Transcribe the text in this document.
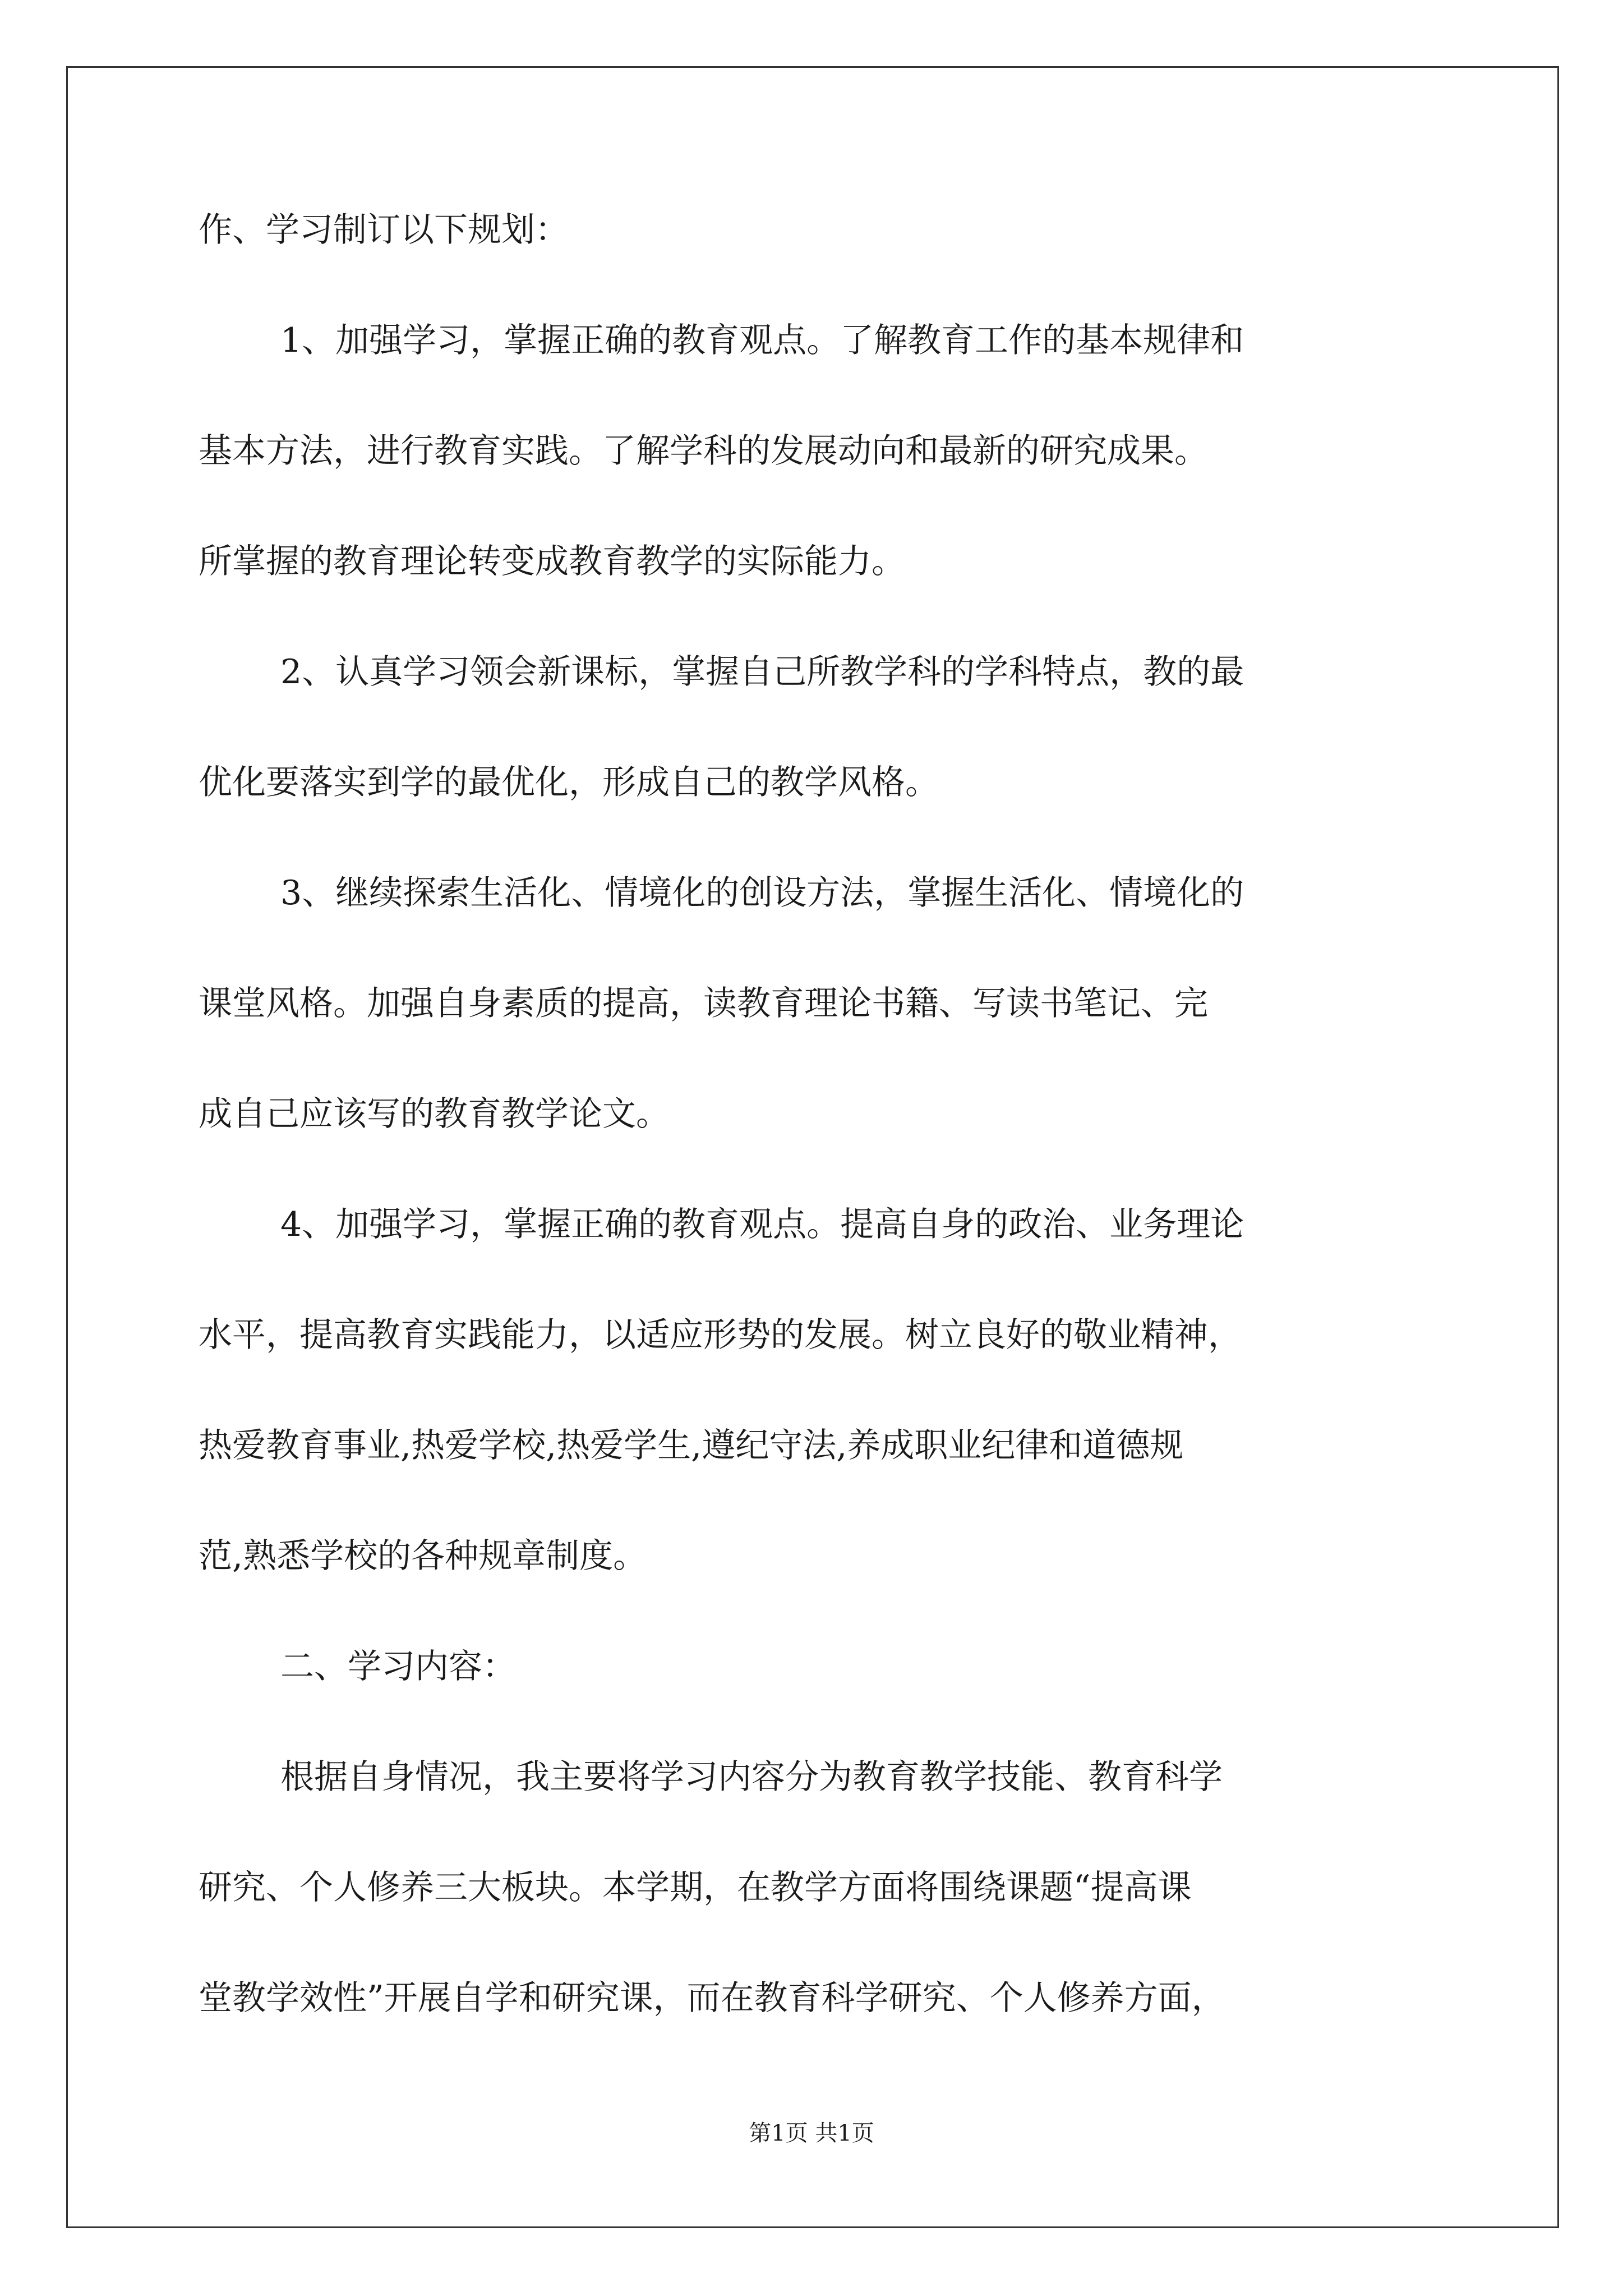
作、学习制订以下规划：
1、加强学习，掌握正确的教育观点。了解教育工作的基本规律和
基本方法，进行教育实践。了解学科的发展动向和最新的研究成果。
所掌握的教育理论转变成教育教学的实际能力。
2、认真学习领会新课标，掌握自己所教学科的学科特点，教的最
优化要落实到学的最优化，形成自己的教学风格。
3、继续探索生活化、情境化的创设方法，掌握生活化、情境化的
课堂风格。加强自身素质的提高，读教育理论书籍、写读书笔记、完
成自己应该写的教育教学论文。
4、加强学习，掌握正确的教育观点。提高自身的政治、业务理论
水平，提高教育实践能力，以适应形势的发展。树立良好的敬业精神，
热爱教育事业,热爱学校,热爱学生,遵纪守法,养成职业纪律和道德规
范,熟悉学校的各种规章制度。
二、学习内容：
根据自身情况，我主要将学习内容分为教育教学技能、教育科学
研究、个人修养三大板块。本学期，在教学方面将围绕课题“提高课
堂教学效性”开展自学和研究课，而在教育科学研究、个人修养方面，
第1页 共1页
